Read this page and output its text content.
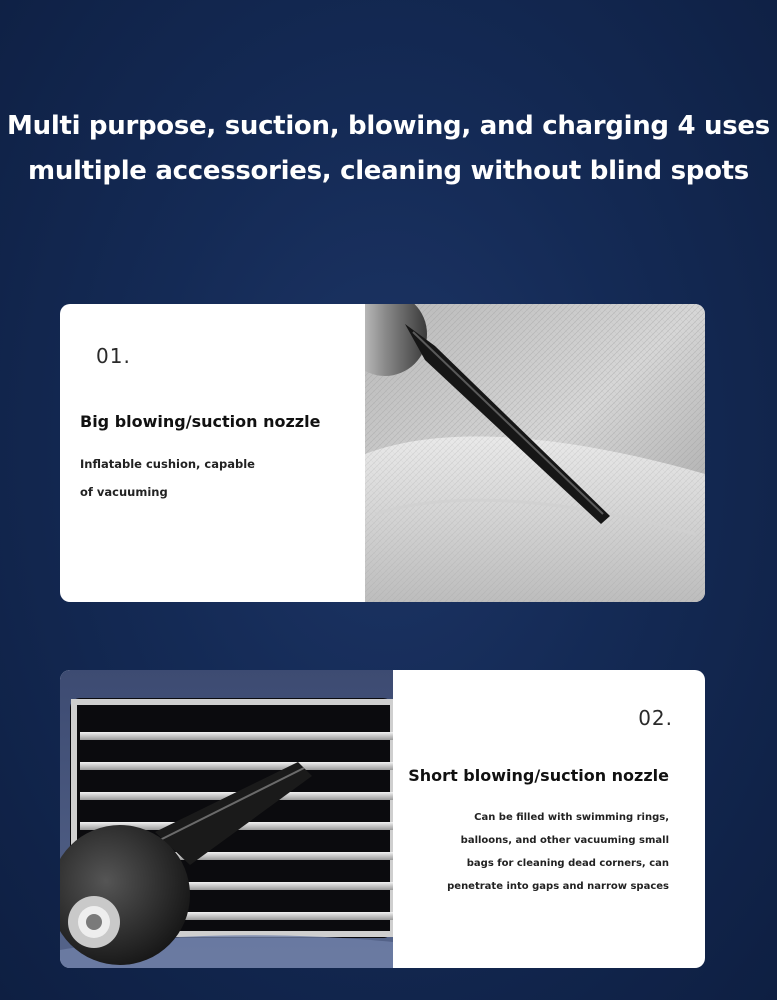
Multi purpose, suction, blowing, and charging 4 uses
multiple accessories, cleaning without blind spots
01.
Big blowing/suction nozzle
Inflatable cushion, capable
of vacuuming
02.
Short blowing/suction nozzle
Can be filled with swimming rings,
balloons, and other vacuuming small
bags for cleaning dead corners, can
penetrate into gaps and narrow spaces
